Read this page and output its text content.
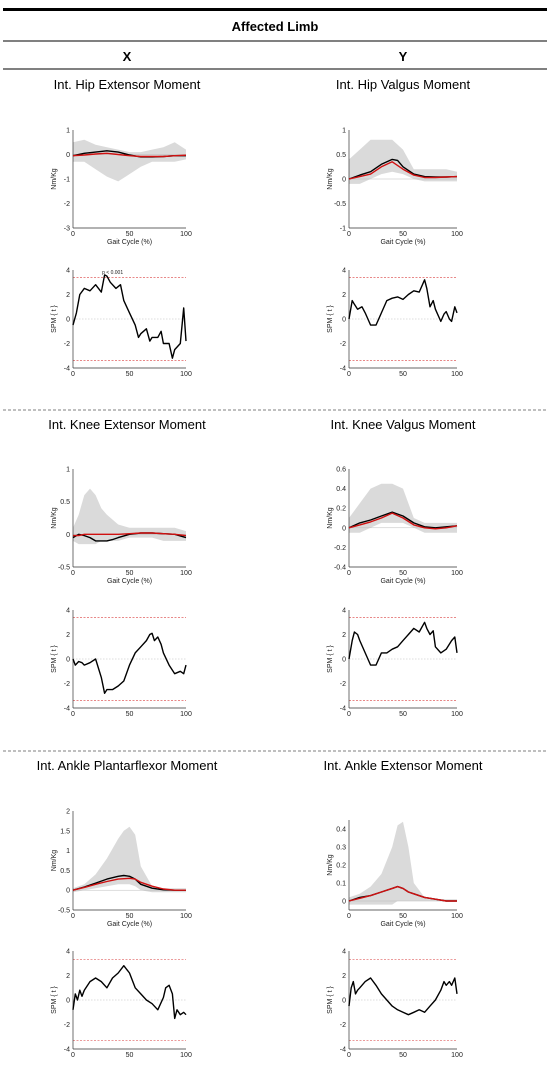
Affected Limb
X	Y
Int. Hip Extensor Moment
1
0
-1
-2
-3
0	50	100
Nm/Kg
Gait Cycle (%)
Int. Hip Valgus Moment
1
0.5
0
-0.5
-1
0	50	100
Nm/Kg
Gait Cycle (%)
4
2
0
-2
-4
0	50	100
SPM { t }
p < 0.001	4
2
0
-2
-4
0	50	100
SPM { t }
Int. Knee Extensor Moment
1
0.5
0
-0.5
0	50	100
Nm/Kg
Gait Cycle (%)
Int. Knee Valgus Moment
0.6
0.4
0.2
0
-0.2
-0.4
0	50	100
Nm/Kg
Gait Cycle (%)
4
2
0
-2
-4
0	50	100
SPM { t }
4
2
0
-2
-4
0	50	100
SPM { t }
Int. Ankle Plantarflexor Moment
2
1.5
1
0.5
0
-0.5
0	50	100
Nm/Kg
Gait Cycle (%)
Int. Ankle Extensor Moment
0.4
0.3
0.2
0.1
0
0	50	100
Nm/Kg
Gait Cycle (%)
4
2
0
-2
-4
0	50	100
SPM { t }
4
2
0
-2
-4
0	50	100
SPM { t }
